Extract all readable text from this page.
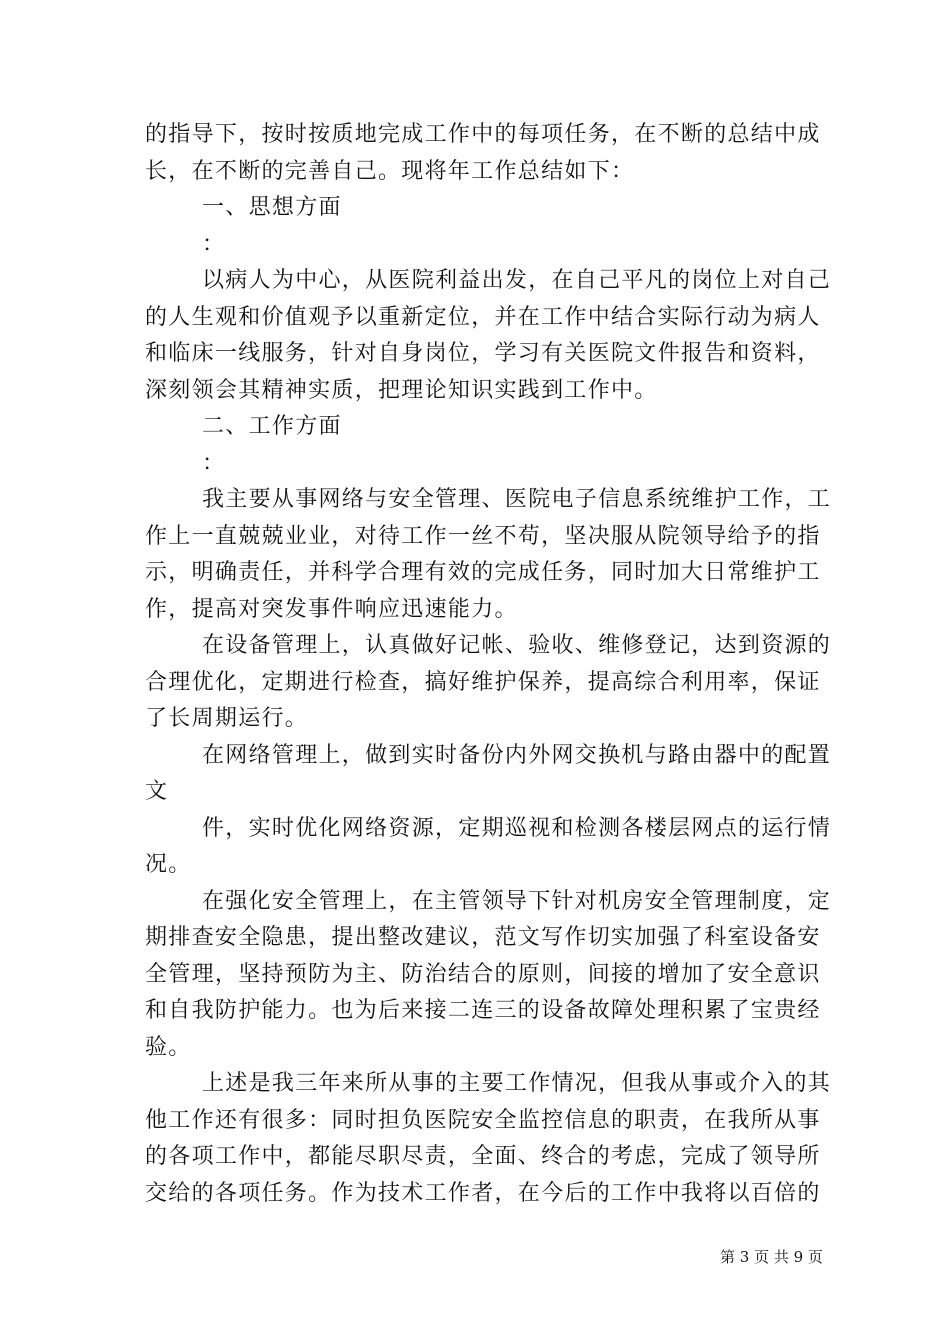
的指导下，按时按质地完成工作中的每项任务，在不断的总结中成

长，在不断的完善自己。现将年工作总结如下：

一、思想方面

：

以病人为中心，从医院利益出发，在自己平凡的岗位上对自己

的人生观和价值观予以重新定位，并在工作中结合实际行动为病人

和临床一线服务，针对自身岗位，学习有关医院文件报告和资料，

深刻领会其精神实质，把理论知识实践到工作中。

二、工作方面

：

我主要从事网络与安全管理、医院电子信息系统维护工作，工

作上一直兢兢业业，对待工作一丝不苟，坚决服从院领导给予的指

示，明确责任，并科学合理有效的完成任务，同时加大日常维护工

作，提高对突发事件响应迅速能力。

在设备管理上，认真做好记帐、验收、维修登记，达到资源的

合理优化，定期进行检查，搞好维护保养，提高综合利用率，保证

了长周期运行。

在网络管理上，做到实时备份内外网交换机与路由器中的配置

文

件，实时优化网络资源，定期巡视和检测各楼层网点的运行情

况。

在强化安全管理上，在主管领导下针对机房安全管理制度，定

期排查安全隐患，提出整改建议，范文写作切实加强了科室设备安

全管理，坚持预防为主、防治结合的原则，间接的增加了安全意识

和自我防护能力。也为后来接二连三的设备故障处理积累了宝贵经

验。

上述是我三年来所从事的主要工作情况，但我从事或介入的其

他工作还有很多：同时担负医院安全监控信息的职责，在我所从事

的各项工作中，都能尽职尽责，全面、终合的考虑，完成了领导所

交给的各项任务。作为技术工作者，在今后的工作中我将以百倍的

第 3 页 共 9 页
